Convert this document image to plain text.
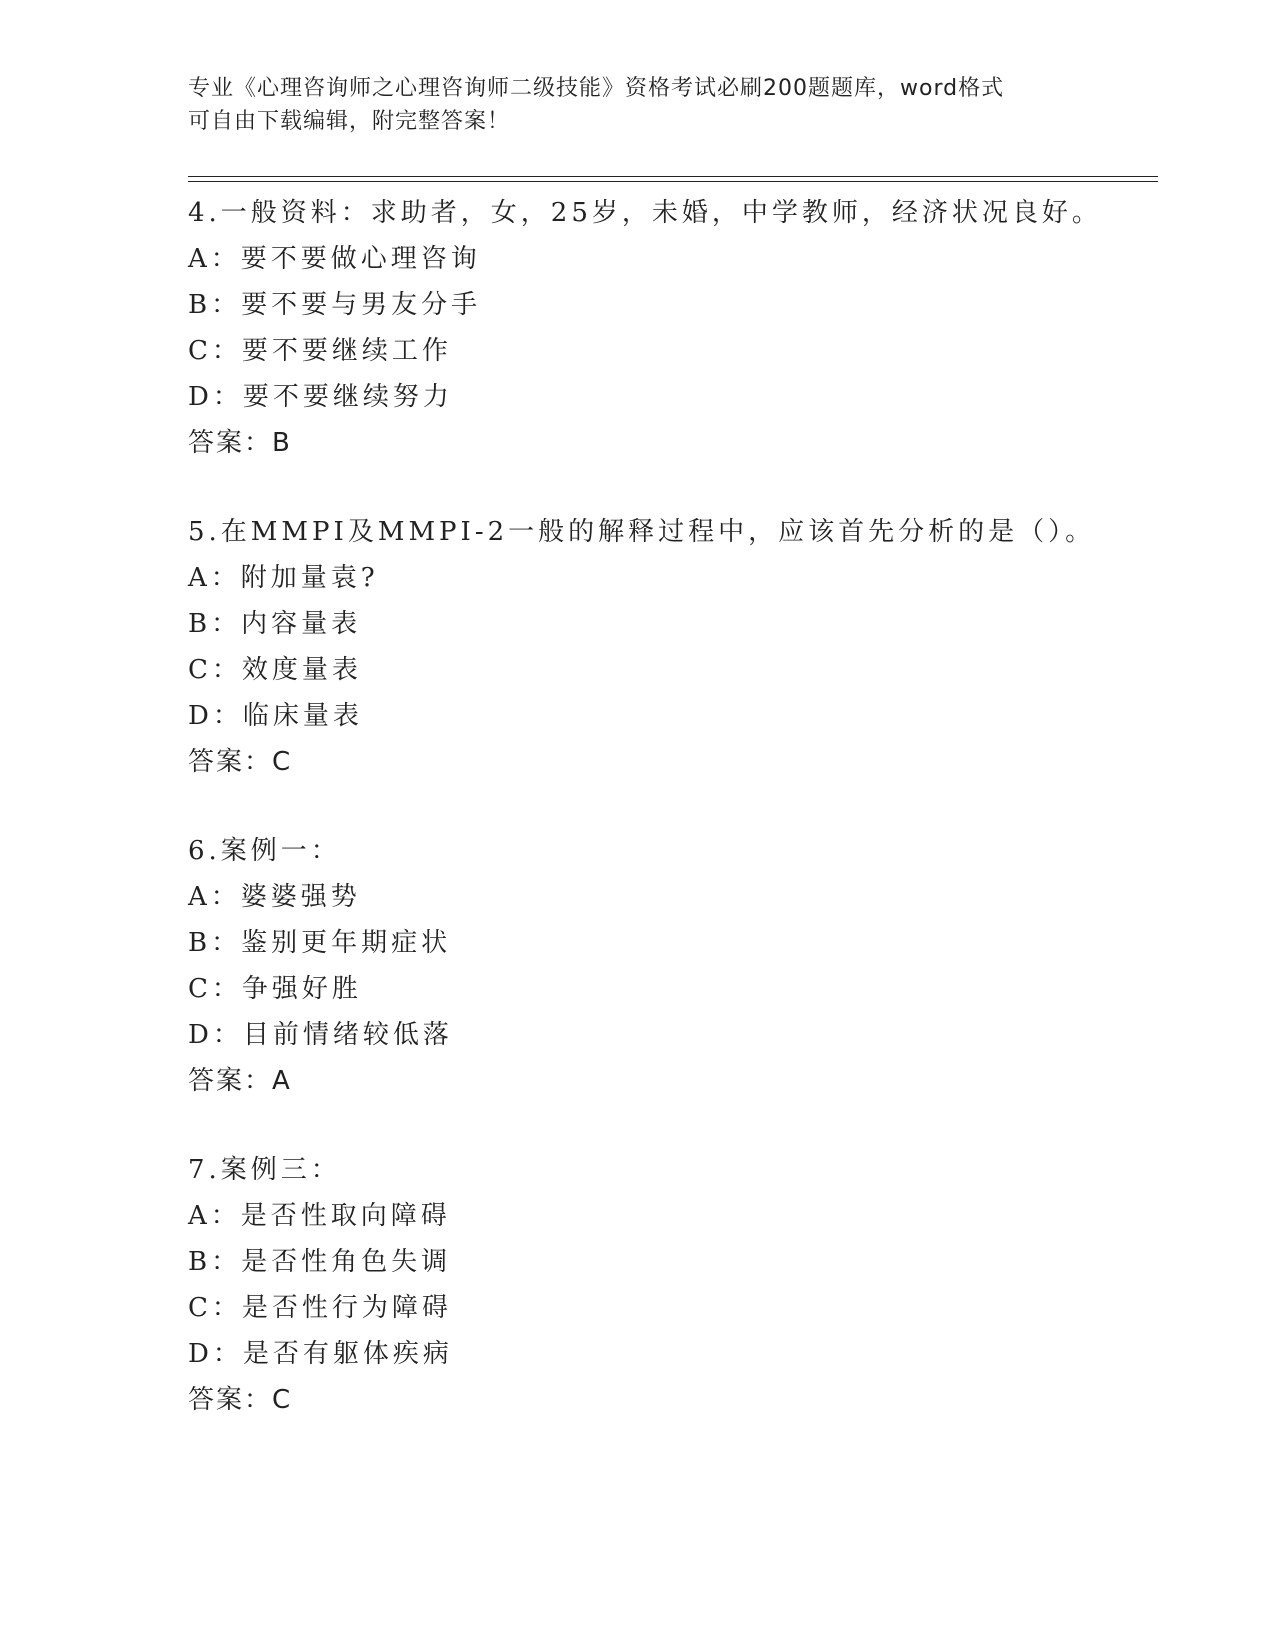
专业《心理咨询师之心理咨询师二级技能》资格考试必刷200题题库，word格式
可自由下载编辑，附完整答案！
4.一般资料：求助者，女，25岁，未婚，中学教师，经济状况良好。
A：要不要做心理咨询
B：要不要与男友分手
C：要不要继续工作
D：要不要继续努力
答案：B
5.在MMPI及MMPI-2一般的解释过程中，应该首先分析的是（）。
A：附加量袁?
B：内容量表
C：效度量表
D：临床量表
答案：C
6.案例一：
A：婆婆强势
B：鉴别更年期症状
C：争强好胜
D：目前情绪较低落
答案：A
7.案例三：
A：是否性取向障碍
B：是否性角色失调
C：是否性行为障碍
D：是否有躯体疾病
答案：C
